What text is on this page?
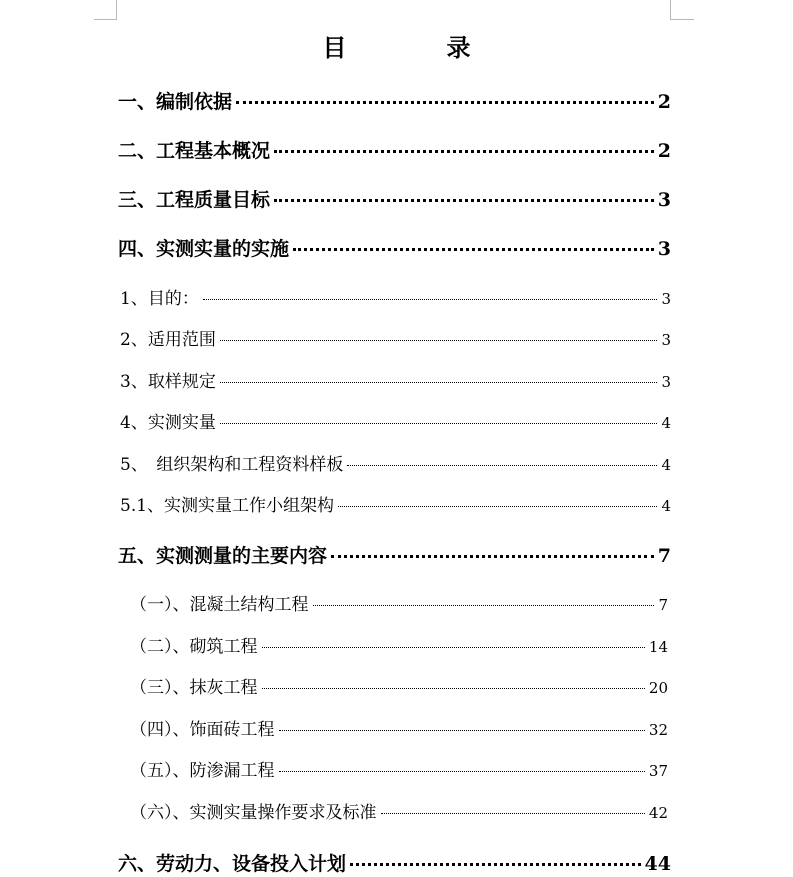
目　录
一、编制依据	2
二、工程基本概况	2
三、工程质量目标	3
四、实测实量的实施	3
1、目的：	3
2、适用范围	3
3、取样规定	3
4、实测实量	4
5、　组织架构和工程资料样板	4
5.1、实测实量工作小组架构	4
五、实测测量的主要内容	7
（一）、混凝土结构工程	7
（二）、砌筑工程	14
（三）、抹灰工程	20
（四）、饰面砖工程	32
（五）、防渗漏工程	37
（六）、实测实量操作要求及标准	42
六、劳动力、设备投入计划	44
